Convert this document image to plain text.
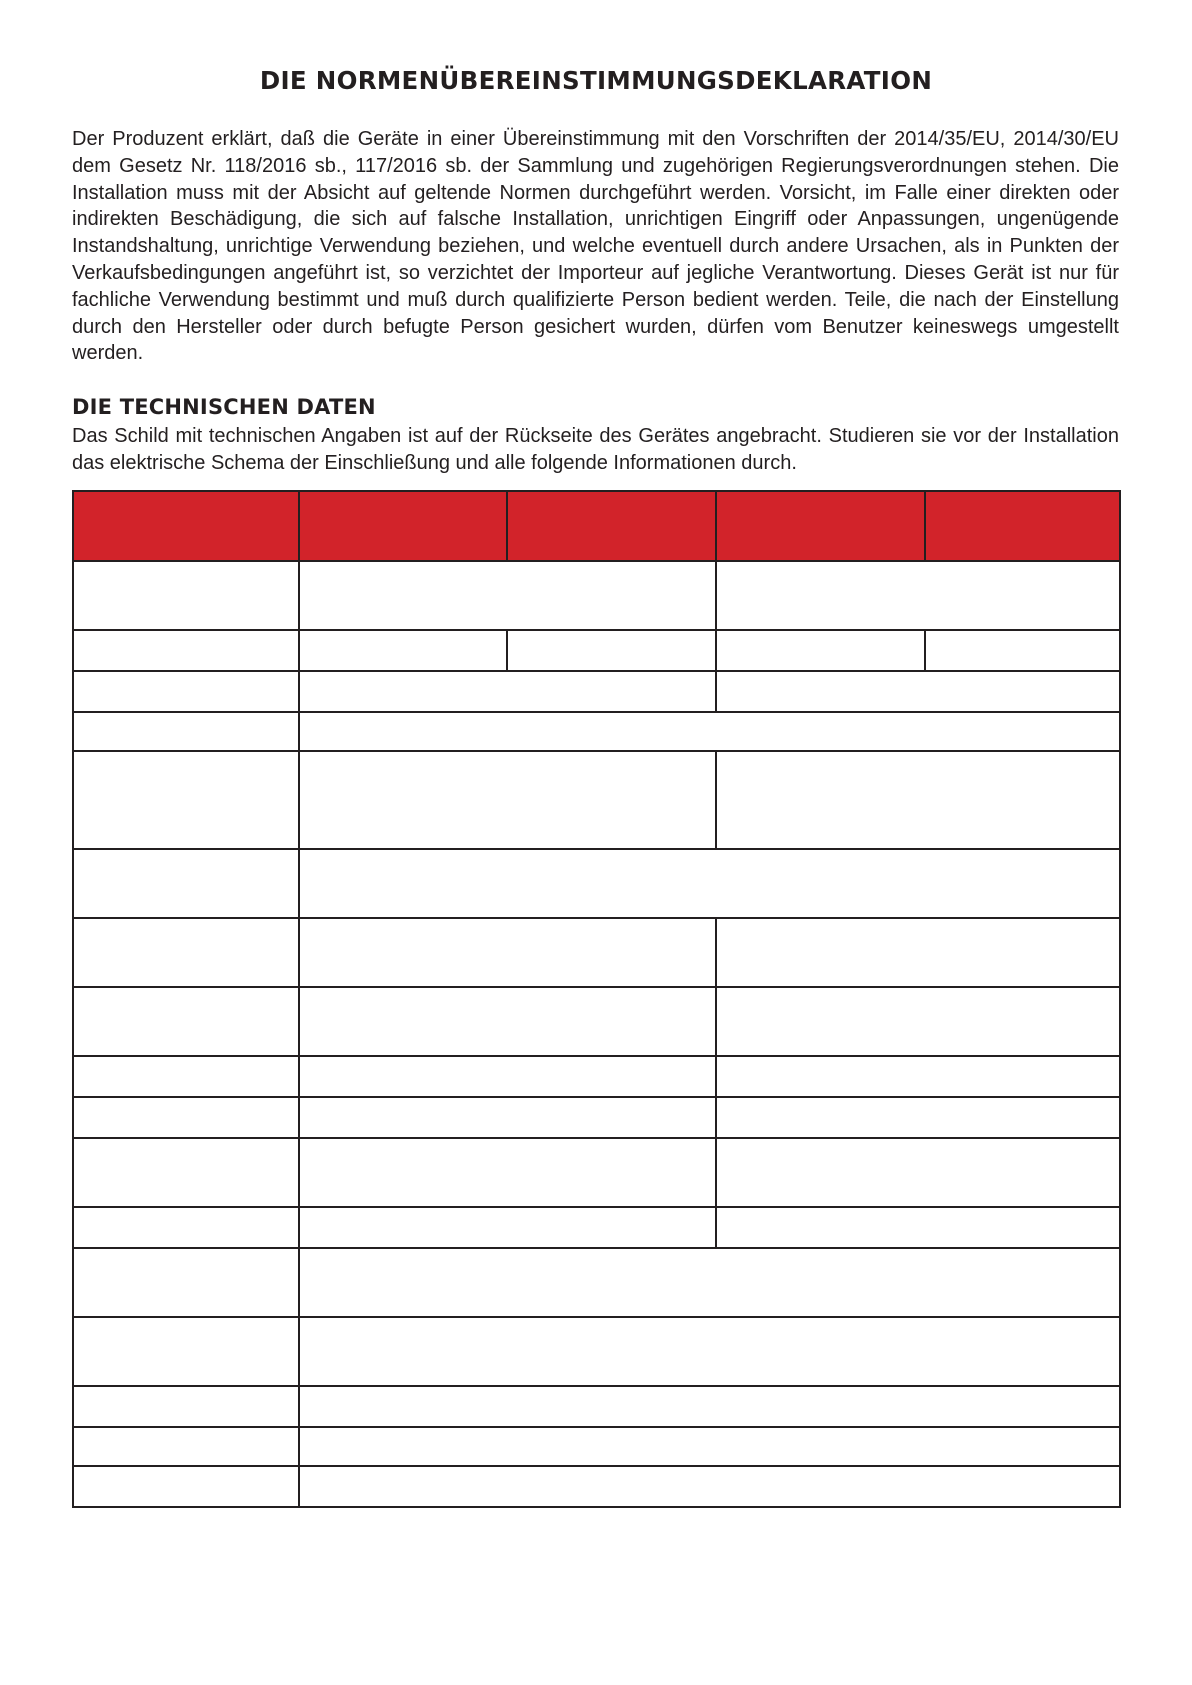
DIE NORMENÜBEREINSTIMMUNGSDEKLARATION

Der Produzent erklärt, daß die Geräte in einer Übereinstimmung mit den Vorschriften der 2014/35/EU, 2014/30/EU dem Gesetz Nr. 118/2016 sb., 117/2016 sb. der Sammlung und zugehörigen Regierungsverordnungen stehen. Die Installation muss mit der Absicht auf geltende Normen durchgeführt werden. Vorsicht, im Falle einer direkten oder indirekten Beschädigung, die sich auf falsche Installation, unrichtigen Eingriff oder Anpassungen, ungenügende Instandshaltung, unrichtige Verwendung beziehen, und welche eventuell durch andere Ursachen, als in Punkten der Verkaufsbedingungen angeführt ist, so verzichtet der Importeur auf jegliche Verantwortung. Dieses Gerät ist nur für fachliche Verwendung bestimmt und muß durch qualifizierte Person bedient werden. Teile, die nach der Einstellung durch den Hersteller oder durch befugte Person gesichert wurden, dürfen vom Benutzer keineswegs umgestellt werden.

DIE TECHNISCHEN DATEN

Das Schild mit technischen Angaben ist auf der Rückseite des Gerätes angebracht. Studieren sie vor der Installation das elektrische Schema der Einschließung und alle folgende Informationen durch.
